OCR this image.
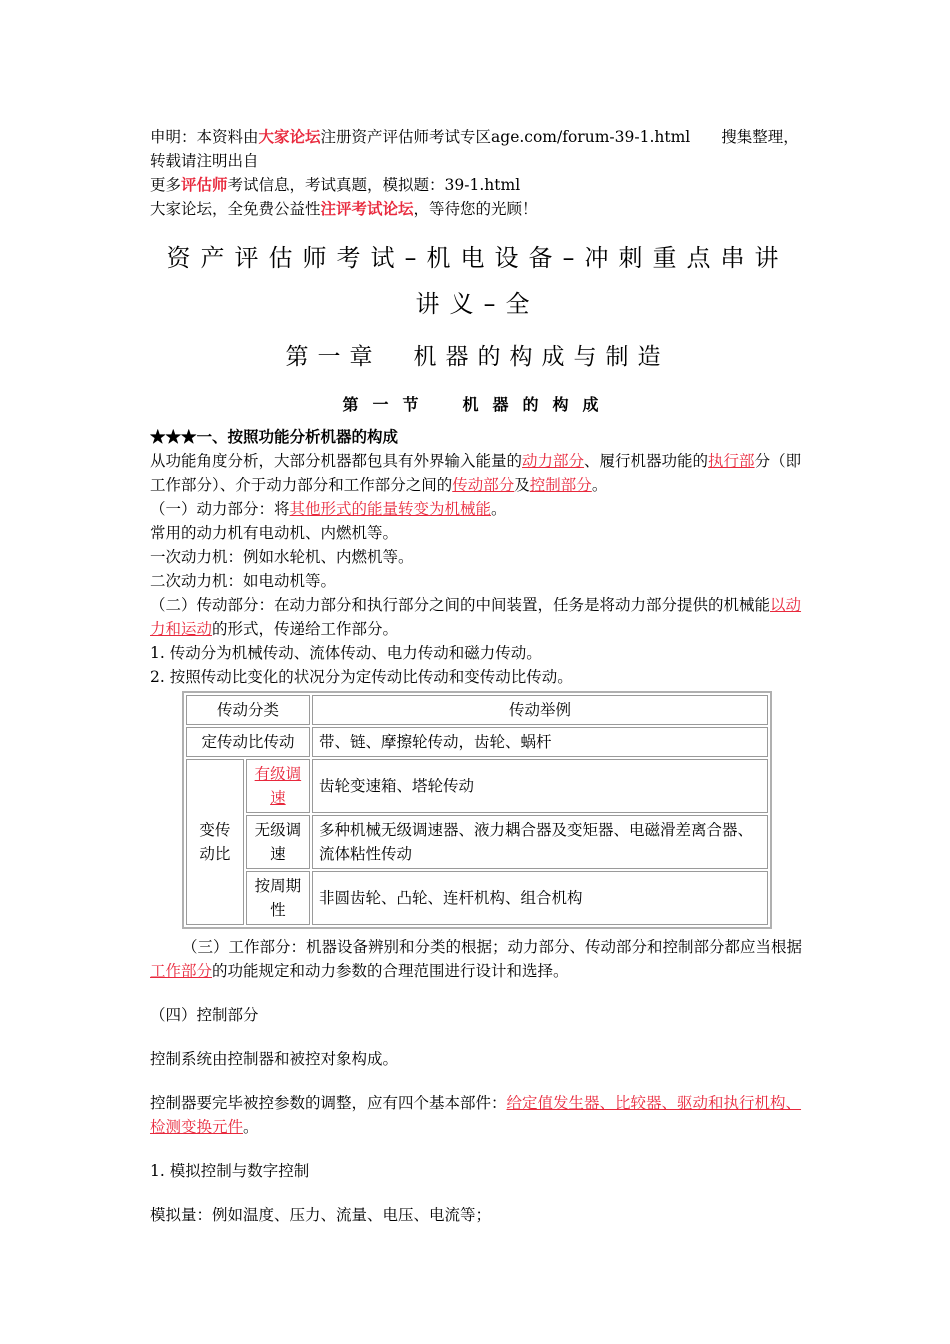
申明：本资料由大家论坛注册资产评估师考试专区age.com/forum-39-1.html　　搜集整理，转载请注明出自

更多评估师考试信息，考试真题，模拟题：39-1.html

大家论坛，全免费公益性注评考试论坛，等待您的光顾！

资产评估师考试–机电设备–冲刺重点串讲讲义–全
第一章　机器的构成与制造
第一节　机器的构成

★★★一、按照功能分析机器的构成

从功能角度分析，大部分机器都包具有外界输入能量的动力部分、履行机器功能的执行部分（即工作部分）、介于动力部分和工作部分之间的传动部分及控制部分。

（一）动力部分：将其他形式的能量转变为机械能。

常用的动力机有电动机、内燃机等。

一次动力机：例如水轮机、内燃机等。

二次动力机：如电动机等。

（二）传动部分：在动力部分和执行部分之间的中间装置，任务是将动力部分提供的机械能以动力和运动的形式，传递给工作部分。

1. 传动分为机械传动、流体传动、电力传动和磁力传动。

2. 按照传动比变化的状况分为定传动比传动和变传动比传动。

传动分类		传动举例
定传动比传动		带、链、摩擦轮传动，齿轮、蜗杆
变传动比	有级调速	齿轮变速箱、塔轮传动
	无级调速	多种机械无级调速器、液力耦合器及变矩器、电磁滑差离合器、流体粘性传动
	按周期性	非圆齿轮、凸轮、连杆机构、组合机构

（三）工作部分：机器设备辨别和分类的根据；动力部分、传动部分和控制部分都应当根据工作部分的功能规定和动力参数的合理范围进行设计和选择。

（四）控制部分

控制系统由控制器和被控对象构成。

控制器要完毕被控参数的调整，应有四个基本部件：给定值发生器、比较器、驱动和执行机构、检测变换元件。

1. 模拟控制与数字控制

模拟量：例如温度、压力、流量、电压、电流等；
